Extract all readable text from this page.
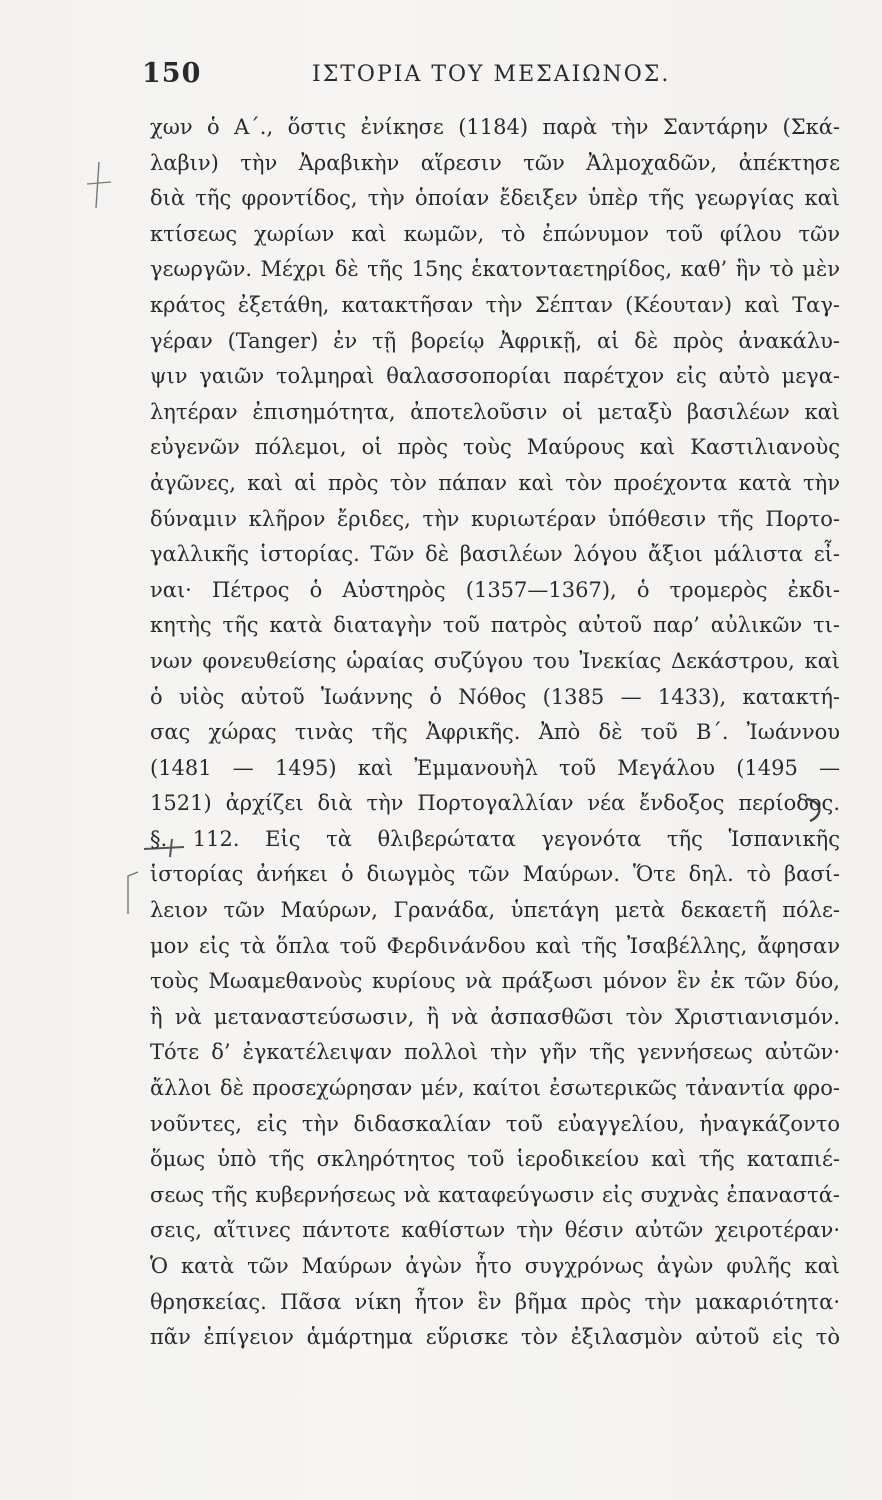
150	ΙΣΤΟΡΙΑ ΤΟΥ ΜΕΣΑΙΩΝΟΣ.
χων ὁ Α΄., ὅστις ἐνίκησε (1184) παρὰ τὴν Σαντάρην (Σκά-
λαβιν) τὴν Ἀραβικὴν αἵρεσιν τῶν Ἀλμοχαδῶν, ἀπέκτησε
διὰ τῆς φροντίδος, τὴν ὁποίαν ἔδειξεν ὑπὲρ τῆς γεωργίας καὶ
κτίσεως χωρίων καὶ κωμῶν, τὸ ἐπώνυμον τοῦ φίλου τῶν
γεωργῶν. Μέχρι δὲ τῆς 15ης ἑκατονταετηρίδος, καθ’ ἣν τὸ μὲν
κράτος ἐξετάθη, κατακτῆσαν τὴν Σέπταν (Κέουταν) καὶ Ταγ-
γέραν (Tanger) ἐν τῇ βορείῳ Ἀφρικῇ, αἱ δὲ πρὸς ἀνακάλυ-
ψιν γαιῶν τολμηραὶ θαλασσοπορίαι παρέτχον εἰς αὐτὸ μεγα-
λητέραν ἐπισημότητα, ἀποτελοῦσιν οἱ μεταξὺ βασιλέων καὶ
εὐγενῶν πόλεμοι, οἱ πρὸς τοὺς Μαύρους καὶ Καστιλιανοὺς
ἀγῶνες, καὶ αἱ πρὸς τὸν πάπαν καὶ τὸν προέχοντα κατὰ τὴν
δύναμιν κλῆρον ἔριδες, τὴν κυριωτέραν ὑπόθεσιν τῆς Πορτο-
γαλλικῆς ἱστορίας. Τῶν δὲ βασιλέων λόγου ἄξιοι μάλιστα εἶ-
ναι· Πέτρος ὁ Αὐστηρὸς (1357—1367), ὁ τρομερὸς ἐκδι-
κητὴς τῆς κατὰ διαταγὴν τοῦ πατρὸς αὐτοῦ παρ’ αὐλικῶν τι-
νων φονευθείσης ὡραίας συζύγου του Ἰνεκίας Δεκάστρου, καὶ
ὁ υἱὸς αὐτοῦ Ἰωάννης ὁ Νόθος (1385 — 1433), κατακτή-
σας χώρας τινὰς τῆς Ἀφρικῆς. Ἀπὸ δὲ τοῦ Β΄. Ἰωάννου
(1481 — 1495) καὶ Ἐμμανουὴλ τοῦ Μεγάλου (1495 —
1521) ἀρχίζει διὰ τὴν Πορτογαλλίαν νέα ἔνδοξος περίοδος.
§. 112. Εἰς τὰ θλιβερώτατα γεγονότα τῆς Ἱσπανικῆς
ἱστορίας ἀνήκει ὁ διωγμὸς τῶν Μαύρων. Ὅτε δηλ. τὸ βασί-
λειον τῶν Μαύρων, Γρανάδα, ὑπετάγη μετὰ δεκαετῆ πόλε-
μον εἰς τὰ ὅπλα τοῦ Φερδινάνδου καὶ τῆς Ἰσαβέλλης, ἄφησαν
τοὺς Μωαμεθανοὺς κυρίους νὰ πράξωσι μόνον ἓν ἐκ τῶν δύο,
ἢ νὰ μεταναστεύσωσιν, ἢ νὰ ἀσπασθῶσι τὸν Χριστιανισμόν.
Τότε δ’ ἐγκατέλειψαν πολλοὶ τὴν γῆν τῆς γεννήσεως αὐτῶν·
ἄλλοι δὲ προσεχώρησαν μέν, καίτοι ἐσωτερικῶς τἀναντία φρο-
νοῦντες, εἰς τὴν διδασκαλίαν τοῦ εὐαγγελίου, ἠναγκάζοντο
ὅμως ὑπὸ τῆς σκληρότητος τοῦ ἱεροδικείου καὶ τῆς καταπιέ-
σεως τῆς κυβερνήσεως νὰ καταφεύγωσιν εἰς συχνὰς ἐπαναστά-
σεις, αἵτινες πάντοτε καθίστων τὴν θέσιν αὐτῶν χειροτέραν·
Ὁ κατὰ τῶν Μαύρων ἀγὼν ἦτο συγχρόνως ἀγὼν φυλῆς καὶ
θρησκείας. Πᾶσα νίκη ἦτον ἓν βῆμα πρὸς τὴν μακαριότητα·
πᾶν ἐπίγειον ἁμάρτημα εὕρισκε τὸν ἐξιλασμὸν αὐτοῦ εἰς τὸ
